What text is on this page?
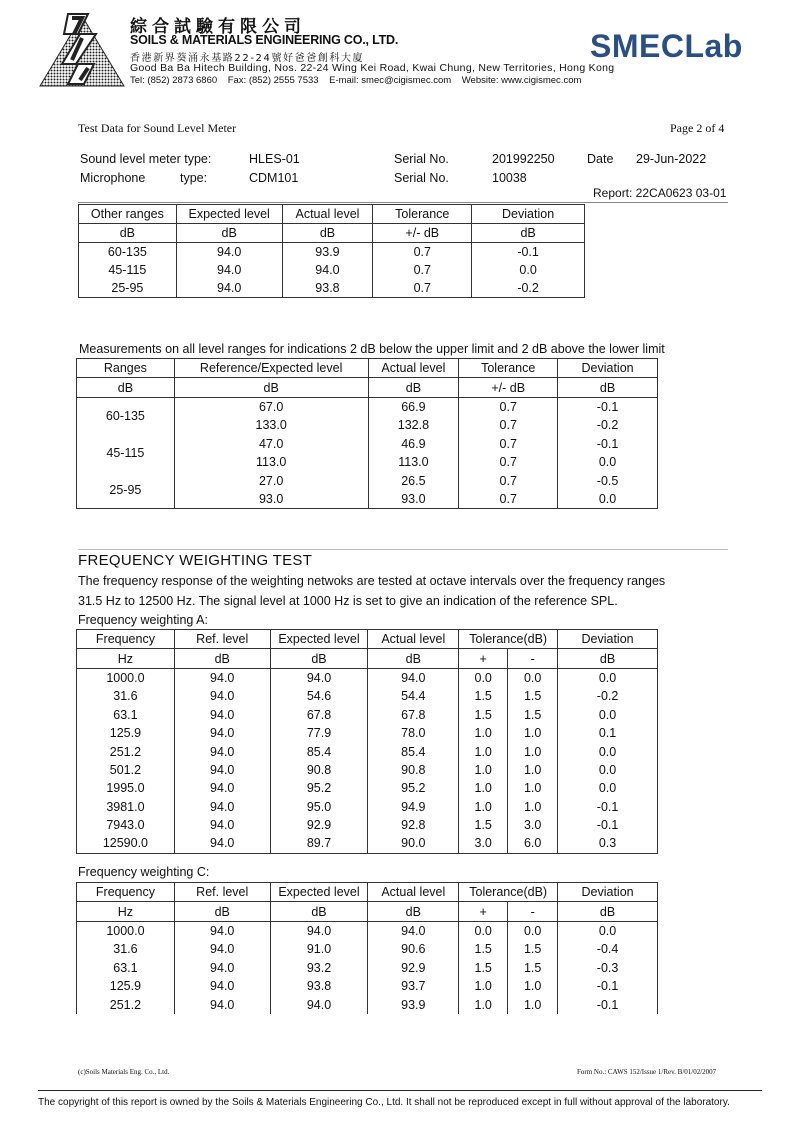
綜合試驗有限公司
SOILS & MATERIALS ENGINEERING CO., LTD.
香港新界葵涌永基路22-24號好爸爸創科大廈
Good Ba Ba Hitech Building, Nos. 22-24 Wing Kei Road, Kwai Chung, New Territories, Hong Kong
Tel: (852) 2873 6860    Fax: (852) 2555 7533    E-mail: smec@cigismec.com    Website: www.cigismec.com
SMECLab
Test Data for Sound Level Meter	Page 2 of 4
Sound level meter type:	HLES-01	Serial No.	201992250	Date 29-Jun-2022
Microphone	type:	CDM101	Serial No.	10038
Report: 22CA0623 03-01
Other ranges	Expected level	Actual level	Tolerance	Deviation
dB	dB	dB	+/- dB	dB
60-135	94.0	93.9	0.7	-0.1
45-115	94.0	94.0	0.7	0.0
25-95	94.0	93.8	0.7	-0.2
Measurements on all level ranges for indications 2 dB below the upper limit and 2 dB above the lower limit
Ranges	Reference/Expected level	Actual level	Tolerance	Deviation
dB	dB	dB	+/- dB	dB
60-135	67.0	66.9	0.7	-0.1
	133.0	132.8	0.7	-0.2
45-115	47.0	46.9	0.7	-0.1
	113.0	113.0	0.7	0.0
25-95	27.0	26.5	0.7	-0.5
	93.0	93.0	0.7	0.0
FREQUENCY WEIGHTING TEST
The frequency response of the weighting netwoks are tested at octave intervals over the frequency ranges
31.5 Hz to 12500 Hz. The signal level at 1000 Hz is set to give an indication of the reference SPL.
Frequency weighting A:
Frequency	Ref. level	Expected level	Actual level	Tolerance(dB)		Deviation
Hz	dB	dB	dB	+	-	dB
1000.0	94.0	94.0	94.0	0.0	0.0	0.0
31.6	94.0	54.6	54.4	1.5	1.5	-0.2
63.1	94.0	67.8	67.8	1.5	1.5	0.0
125.9	94.0	77.9	78.0	1.0	1.0	0.1
251.2	94.0	85.4	85.4	1.0	1.0	0.0
501.2	94.0	90.8	90.8	1.0	1.0	0.0
1995.0	94.0	95.2	95.2	1.0	1.0	0.0
3981.0	94.0	95.0	94.9	1.0	1.0	-0.1
7943.0	94.0	92.9	92.8	1.5	3.0	-0.1
12590.0	94.0	89.7	90.0	3.0	6.0	0.3
Frequency weighting C:
Frequency	Ref. level	Expected level	Actual level	Tolerance(dB)		Deviation
Hz	dB	dB	dB	+	-	dB
1000.0	94.0	94.0	94.0	0.0	0.0	0.0
31.6	94.0	91.0	90.6	1.5	1.5	-0.4
63.1	94.0	93.2	92.9	1.5	1.5	-0.3
125.9	94.0	93.8	93.7	1.0	1.0	-0.1
251.2	94.0	94.0	93.9	1.0	1.0	-0.1
(c)Soils Materials Eng. Co., Ltd.	Form No.: CAWS 152/Issue 1/Rev. B/01/02/2007
The copyright of this report is owned by the Soils & Materials Engineering Co., Ltd. It shall not be reproduced except in full without approval of the laboratory.
